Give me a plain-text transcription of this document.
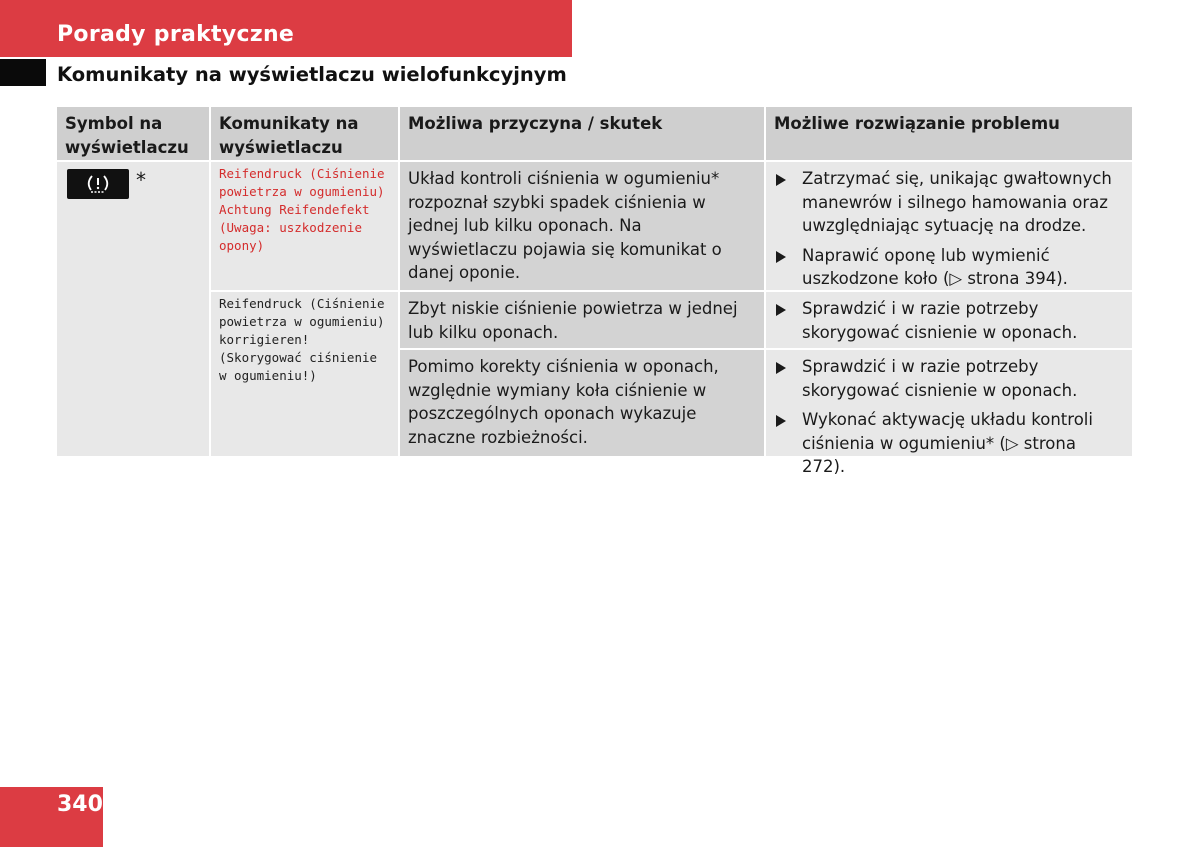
Porady praktyczne
Komunikaty na wyświetlaczu wielofunkcyjnym
Symbol na
wyświetlaczu
Komunikaty na
wyświetlaczu
Możliwa przyczyna / skutek	Możliwe rozwiązanie problemu
*	Reifendruck (Ciśnienie
powietrza w ogumieniu)
Achtung Reifendefekt
(Uwaga: uszkodzenie
opony)
Reifendruck (Ciśnienie
powietrza w ogumieniu)
korrigieren!
(Skorygować ciśnienie
w ogumieniu!)
Układ kontroli ciśnienia w ogumieniu* rozpoznał szybki spadek ciśnienia w jednej lub kilku oponach. Na wyświetlaczu pojawia się komunikat o danej oponie.
Zbyt niskie ciśnienie powietrza w jednej lub kilku oponach.
Pomimo korekty ciśnienia w oponach, względnie wymiany koła ciśnienie w poszczególnych oponach wykazuje znaczne rozbieżności.
Zatrzymać się, unikając gwałtownych manewrów i silnego hamowania oraz uwzględniając sytuację na drodze.
Naprawić oponę lub wymienić uszkodzone koło (▷ strona 394).
Sprawdzić i w razie potrzeby skorygować cisnienie w oponach.
Sprawdzić i w razie potrzeby skorygować cisnienie w oponach.
Wykonać aktywację układu kontroli ciśnienia w ogumieniu* (▷ strona 272).
340
